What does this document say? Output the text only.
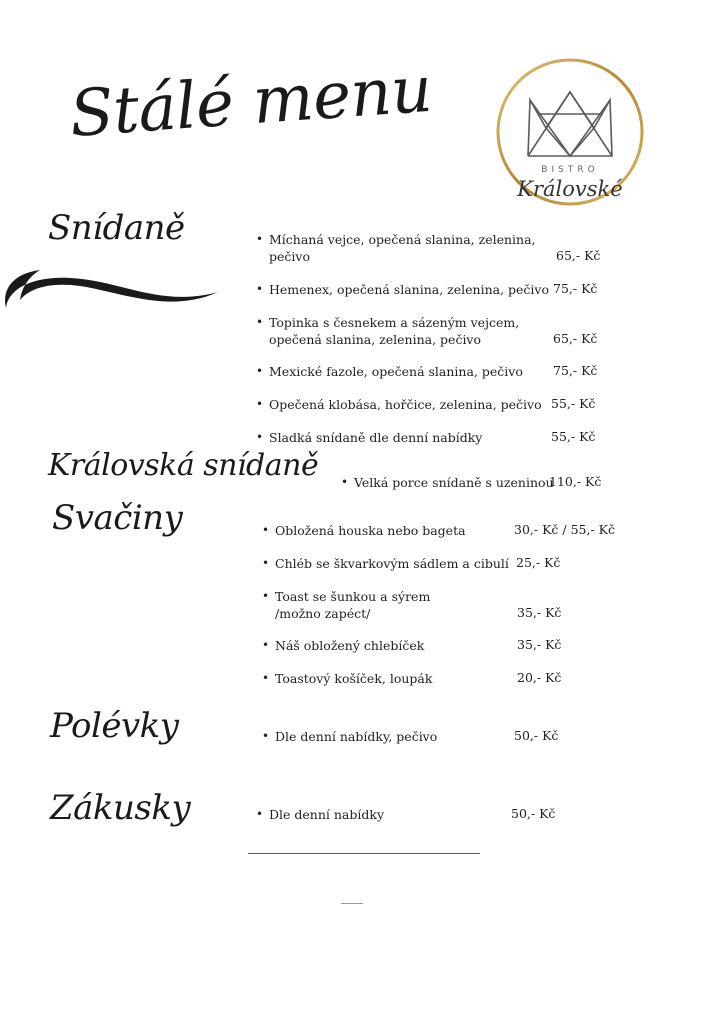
Stálé menu
BISTRO
Královské
Snídaně
Královská snídaně
Svačiny
Polévky
Zákusky
• Míchaná vejce, opečená slanina, zelenina,
pečivo	65,- Kč
• Hemenex, opečená slanina, zelenina, pečivo 75,- Kč
• Topinka s česnekem a sázeným vejcem,
opečená slanina, zelenina, pečivo	65,- Kč
• Mexické fazole, opečená slanina, pečivo 75,- Kč
• Opečená klobása, hořčice, zelenina, pečivo 55,- Kč
• Sladká snídaně dle denní nabídky	55,- Kč
• Velká porce snídaně s uzeninou
110,- Kč
• Obložená houska nebo bageta	30,- Kč / 55,- Kč
• Chléb se škvarkovým sádlem a cibulí 25,- Kč
• Toast se šunkou a sýrem
/možno zapéct/	35,- Kč
• Náš obložený chlebíček	35,- Kč
• Toastový košíček, loupák	20,- Kč
• Dle denní nabídky, pečivo	50,- Kč
• Dle denní nabídky	50,- Kč
